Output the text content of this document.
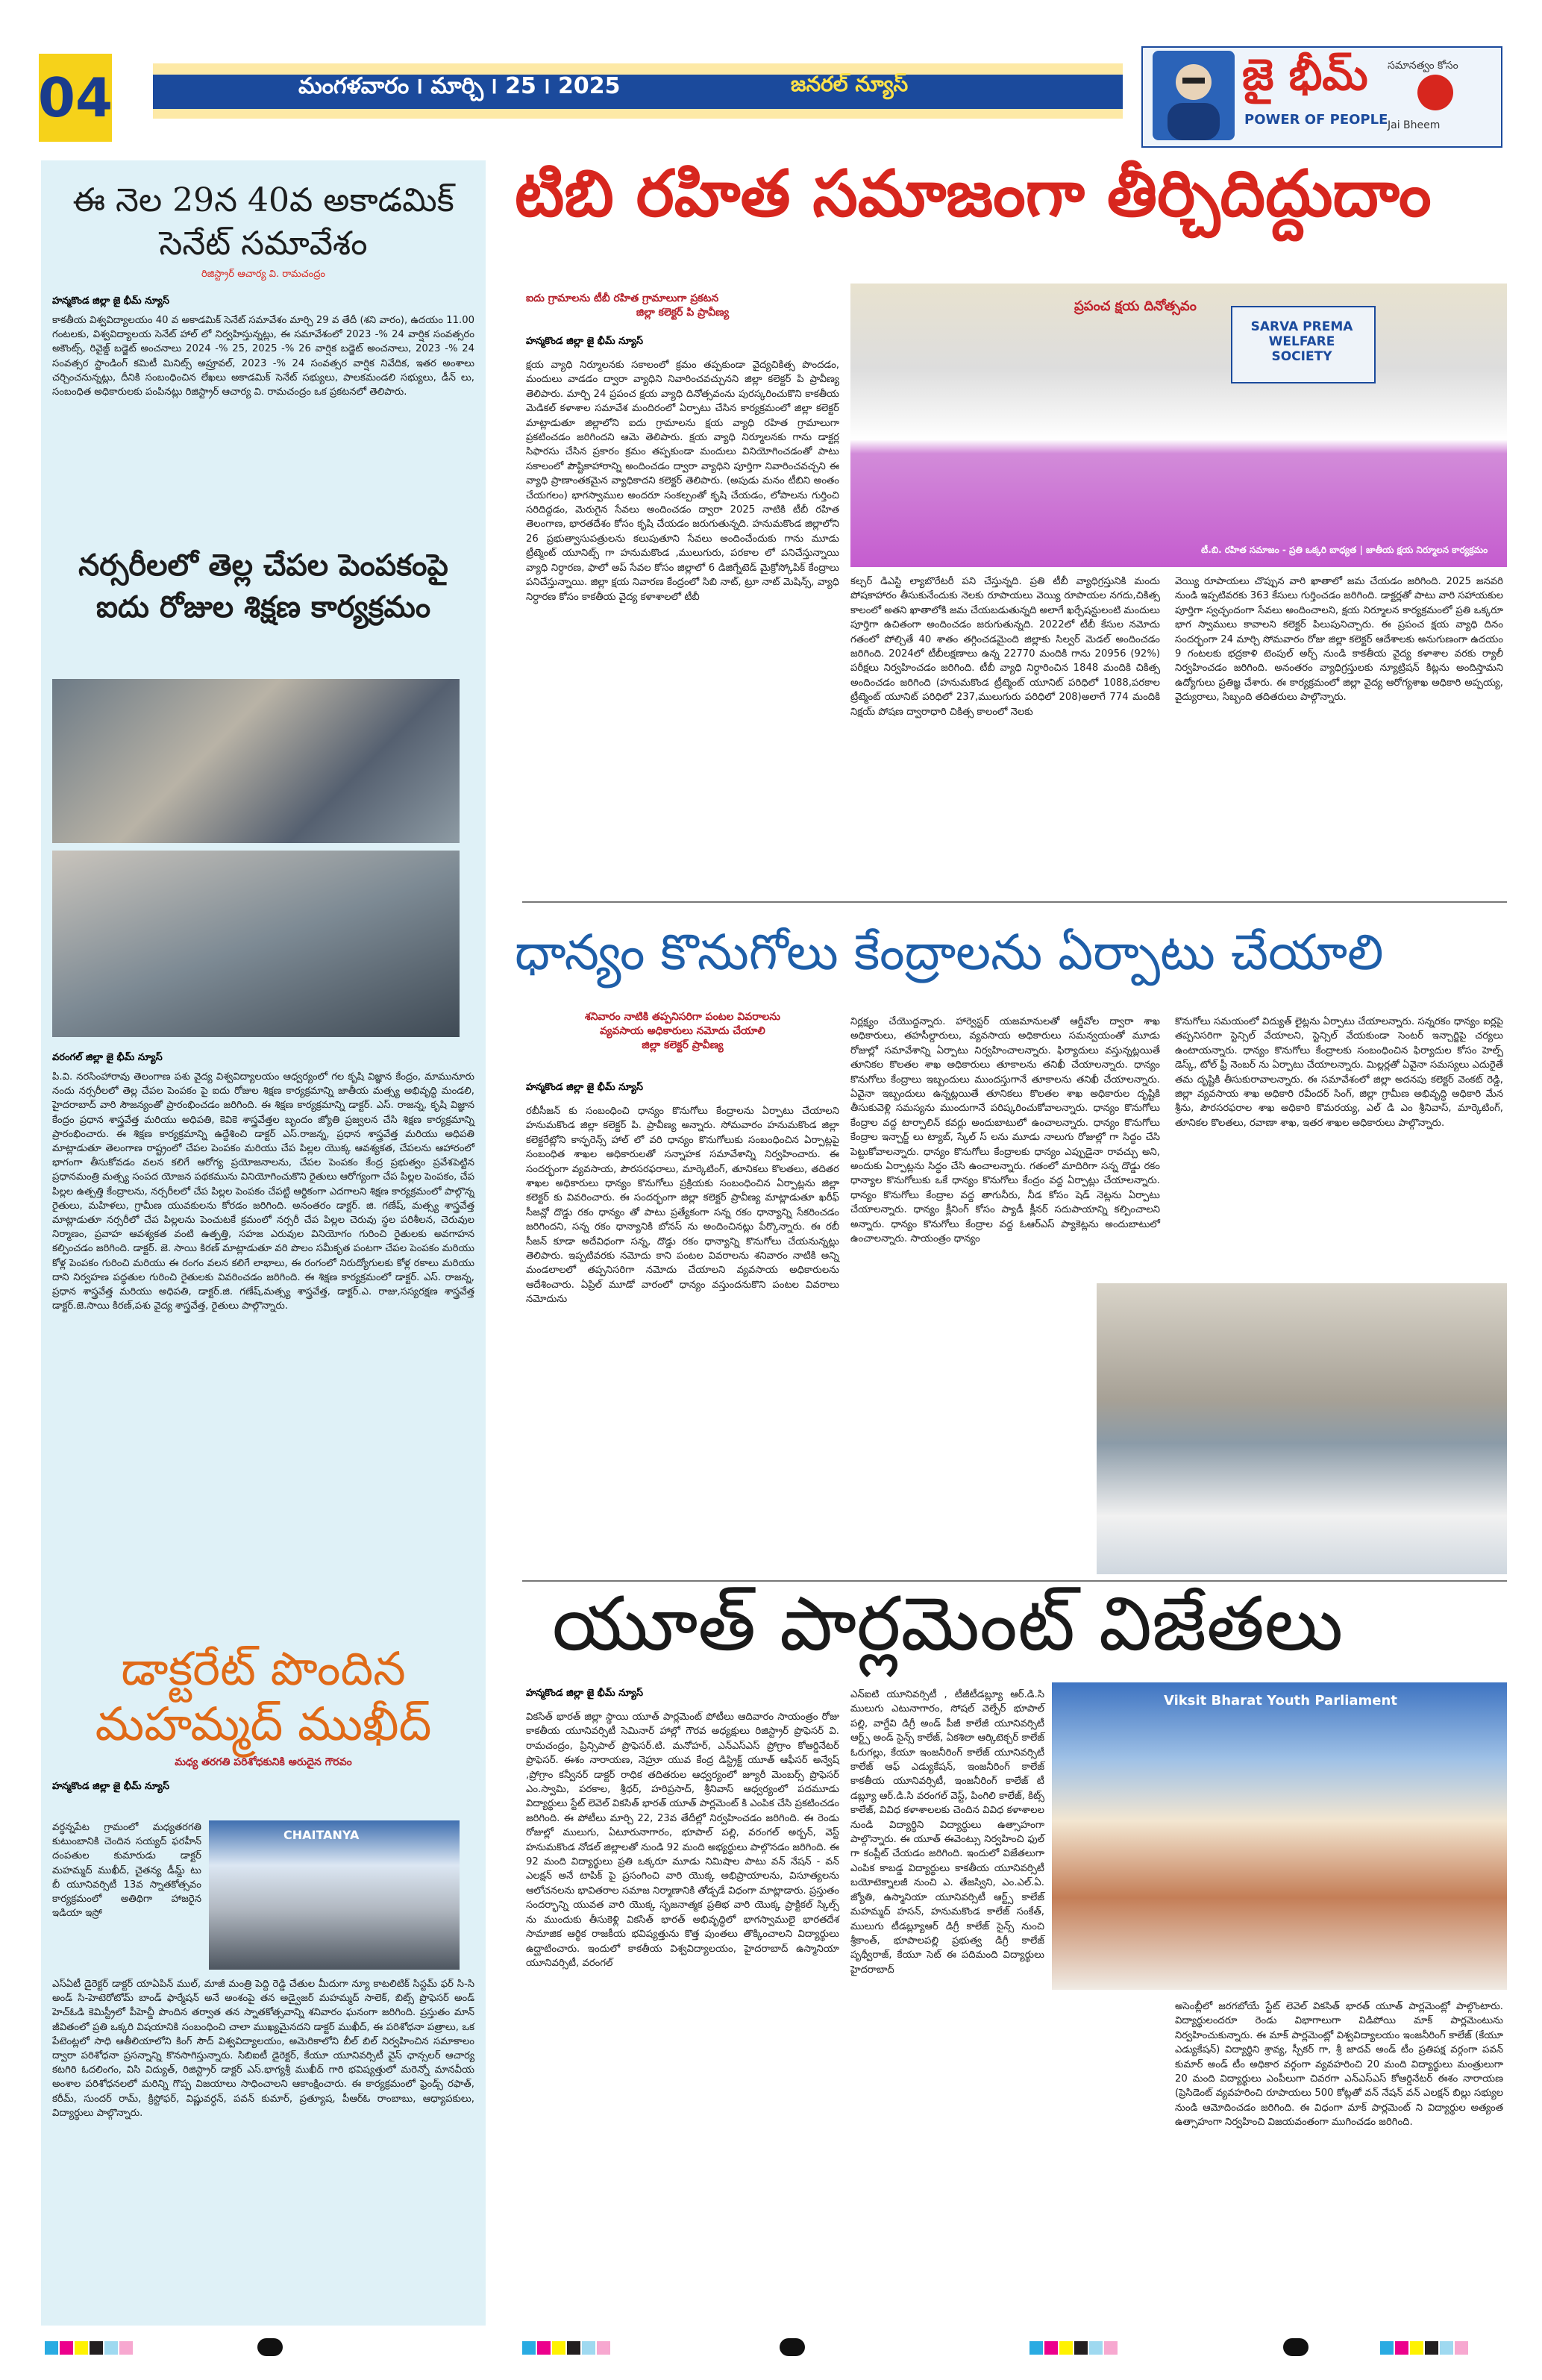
04	మంగళవారం ౹ మార్చి ౹ 25 ౹ 2025	జనరల్ న్యూస్	జై భీమ్
POWER OF PEOPLE
సమానత్వం కోసం
Jai Bheem
ఈ నెల 29న 40వ అకాడమిక్ సెనేట్ సమావేశం
రిజిస్ట్రార్ ఆచార్య వి. రామచంద్రం
హన్మకొండ జిల్లా జై భీమ్ న్యూస్
కాకతీయ విశ్వవిద్యాలయం 40 వ అకాడమిక్ సెనేట్ సమావేశం మార్చి 29 వ తేదీ (శని వారం), ఉదయం 11.00 గంటలకు, విశ్వవిద్యాలయ సెనేట్ హాల్ లో నిర్వహిస్తున్నట్లు, ఈ సమావేశంలో 2023 -% 24 వార్షిక సంవత్సరం అకౌంట్స్, రివైజ్డ్ బడ్జెట్ అంచనాలు 2024 -% 25, 2025 -% 26 వార్షిక బడ్జెట్ అంచనాలు, 2023 -% 24 సంవత్సర స్టాండింగ్ కమిటీ మినిట్స్ అప్రూవల్, 2023 -% 24 సంవత్సర వార్షిక నివేదిక, ఇతర అంశాలు చర్చించనున్నట్లు, దీనికి సంబంధించిన లేఖలు అకాడమిక్ సెనేట్ సభ్యులు, పాలకమండలి సభ్యులు, డీన్ లు, సంబంధిత అధికారులకు పంపినట్లు రిజిస్ట్రార్ ఆచార్య వి. రామచంద్రం ఒక ప్రకటనలో తెలిపారు.
నర్సరీలలో తెల్ల చేపల పెంపకంపై ఐదు రోజుల శిక్షణ కార్యక్రమం
వరంగల్ జిల్లా జై భీమ్ న్యూస్
పి.వి. నరసింహారావు తెలంగాణ పశు వైద్య విశ్వవిద్యాలయం ఆధ్వర్యంలో గల కృషి విజ్ఞాన కేంద్రం, మామునూరు నందు నర్సరీలలో తెల్ల చేపల పెంపకం పై ఐదు రోజుల శిక్షణ కార్యక్రమాన్ని జాతీయ మత్స్య అభివృద్ధి మండలి, హైదరాబాద్ వారి సౌజన్యంతో ప్రారంభించడం జరిగింది. ఈ శిక్షణ కార్యక్రమాన్ని డాక్టర్. ఎస్. రాజన్న, కృషి విజ్ఞాన కేంద్రం ప్రధాన శాస్త్రవేత్త మరియు అధిపతి, కెవికె శాస్త్రవేత్తల బృందం జ్యోతి ప్రజ్వలన చేసి శిక్షణ కార్యక్రమాన్ని ప్రారంభించారు. ఈ శిక్షణ కార్యక్రమాన్ని ఉద్దేశించి డాక్టర్ ఎస్.రాజన్న, ప్రధాన శాస్త్రవేత్త మరియు అధిపతి మాట్లాడుతూ తెలంగాణ రాష్ట్రంలో చేపల పెంపకం మరియు చేప పిల్లల యొక్క ఆవశ్యకత, చేపలను ఆహారంలో భాగంగా తీసుకోవడం వలన కలిగే ఆరోగ్య ప్రయోజనాలను, చేపల పెంపకం కేంద్ర ప్రభుత్వం ప్రవేశపెట్టిన ప్రధానమంత్రి మత్స్య సంపద యోజన పథకమును వినియోగించుకొని రైతులు ఆరోగ్యంగా చేప పిల్లల పెంపకం, చేప పిల్లల ఉత్పత్తి కేంద్రాలను, నర్సరీలలో చేప పిల్లల పెంపకం చేపట్టి ఆర్థికంగా ఎదగాలని శిక్షణ కార్యక్రమంలో పాల్గొన్న రైతులు, మహిళలు, గ్రామీణ యువకులను కోరడం జరిగింది. అనంతరం డాక్టర్. జి. గణేష్, మత్స్య శాస్త్రవేత్త మాట్లాడుతూ నర్సరీలో చేప పిల్లలను పెంచుటకే క్రమంలో నర్సరీ చేప పిల్లల చెరువు స్థల పరిశీలన, చెరువుల నిర్మాణం, ప్రవాహ ఆవశ్యకత వంటి ఉత్పత్తి, సహజ ఎరువుల వినియోగం గురించి రైతులకు అవగాహన కల్పించడం జరిగింది. డాక్టర్. జె. సాయి కిరణ్ మాట్లాడుతూ వరి పొలం సమీకృత పంటగా చేపల పెంపకం మరియు కోళ్ల పెంపకం గురించి మరియు ఈ రంగం వలన కలిగే లాభాలు, ఈ రంగంలో నిరుద్యోగులకు కోళ్ల రకాలు మరియు దాని నిర్వహణ పద్ధతుల గురించి రైతులకు వివరించడం జరిగింది. ఈ శిక్షణ కార్యక్రమంలో డాక్టర్. ఎస్. రాజన్న, ప్రధాన శాస్త్రవేత్త మరియు అధిపతి, డాక్టర్.జి. గణేష్,మత్స్య శాస్త్రవేత్త, డాక్టర్.ఎ. రాజు,సస్యరక్షణ శాస్త్రవేత్త డాక్టర్.జె.సాయి కిరణ్,పశు వైద్య శాస్త్రవేత్త, రైతులు పాల్గొన్నారు.
డాక్టరేట్ పొందిన మహమ్మద్ ముఖీద్
మధ్య తరగతి పరిశోధకునికి అరుదైన గౌరవం
హన్మకొండ జిల్లా జై భీమ్ న్యూస్
వర్ధన్నపేట గ్రామంలో మధ్యతరగతి కుటుంబానికి చెందిన సయ్యద్ ఫరహీన్ దంపతుల కుమారుడు డాక్టర్ మహమ్మద్ ముఖీద్, చైతన్య డీమ్డ్ టు బీ యూనివర్సిటీ 13వ స్నాతకోత్సవం కార్యక్రమంలో అతిథిగా హాజరైన ఇడియా ఇస్రో
CHAITANYA
ఎస్ఏటీ డైరెక్టర్ డాక్టర్ యాఏపిన్ ముల్, మాజీ మంత్రి పెద్ది రెడ్డి చేతుల మీదుగా న్యూ కాటలిటిక్ సిస్టమ్ ఫర్ సి-సి అండ్ సి-హెటెరోటోమ్ బాండ్ ఫార్మేషన్ అనే అంశంపై తన అడ్వైజర్ మహమ్మద్ సాలెక్, బిట్స్ ప్రొఫెసర్ అండ్ హెచ్ఓడి కెమిస్ట్రీలో పీహెచ్డీ పొందిన తర్వాత తన స్నాతకోత్సవాన్ని శనివారం ఘనంగా జరిగింది. ప్రస్తుతం మాన్ జీవితంలో ప్రతి ఒక్కరి విషయానికి సంబంధించి చాలా ముఖ్యమైనదని డాక్టర్ ముఖీద్, ఈ పరిశోధనా పత్రాలు, ఒక పేటెంట్లలో సాధి ఆతీలియాలోని కింగ్ సౌద్ విశ్వవిద్యాలయం, అమెరికాలోని బీల్ బిల్ నిర్వహించిన సమాకాలం ద్వారా పరిశోధనా ప్రసన్నాన్ని కొనసాగిస్తున్నారు. సిబిఐటీ డైరెక్టర్, కేయూ యూనివర్సిటీ వైస్ ఛాన్సలర్ ఆచార్య కటగిరి ఓదలింగం, విసి విద్యుత్, రిజిస్ట్రార్ డాక్టర్ ఎస్.భాగ్యశ్రీ ముఖీద్ గారి భవిష్యత్తులో మరెన్నో మానవీయ అంశాల పరిశోధనలలో మరిన్ని గొప్ప విజయాలు సాధించాలని ఆకాంక్షించారు. ఈ కార్యక్రమంలో ఫ్రెండ్స్ రఫాత్, కరీమ్, సుందర్ రామ్, క్రిస్టోఫర్, విష్ణువర్ధన్, పవన్ కుమార్, ప్రత్యూష, పీఆర్ఓ రాంబాబు, ఆధ్యాపకులు, విద్యార్థులు పాల్గొన్నారు.
టిబి రహిత సమాజంగా తీర్చిదిద్దుదాం
ఐదు గ్రామాలను టీబీ రహిత గ్రామాలుగా ప్రకటన
జిల్లా కలెక్టర్ పి ప్రావీణ్య
హన్మకొండ జిల్లా జై భీమ్ న్యూస్
క్షయ వ్యాధి నిర్మూలనకు సకాలంలో క్రమం తప్పకుండా వైద్యచికిత్స పొందడం, మందులు వాడడం ద్వారా వ్యాధిని నివారించవచ్చునని జిల్లా కలెక్టర్ పి ప్రావీణ్య తెలిపారు. మార్చి 24 ప్రపంచ క్షయ వ్యాధి దినోత్సవంను పురస్కరించుకొని కాకతీయ మెడికల్ కళాశాల సమావేశ మందిరంలో ఏర్పాటు చేసిన కార్యక్రమంలో జిల్లా కలెక్టర్ మాట్లాడుతూ జిల్లాలోని ఐదు గ్రామాలను క్షయ వ్యాధి రహిత గ్రామాలుగా ప్రకటించడం జరిగిందని ఆమె తెలిపారు. క్షయ వ్యాధి నిర్మూలనకు గాను డాక్టర్ల సిఫారసు చేసిన ప్రకారం క్రమం తప్పకుండా మందులు వినియోగించడంతో పాటు సకాలంలో పౌష్టికాహారాన్ని అందించడం ద్వారా వ్యాధిని పూర్తిగా నివారించవచ్చని ఈ వ్యాధి ప్రాణాంతకమైన వ్యాధికాదని కలెక్టర్ తెలిపారు. (అపుడు మనం టీబిని అంతం చేయగలం) భాగస్వాముల అందరూ సంకల్పంతో కృషి చేయడం, లోపాలను గుర్తించి సరిదిద్దడం, మెరుగైన సేవలు అందించడం ద్వారా 2025 నాటికి టీబీ రహిత తెలంగాణ, భారతదేశం కోసం కృషి చేయడం జరుగుతున్నది. హనుమకొండ జిల్లాలోని 26 ప్రభుత్వాసుపత్రులను కలుపుతూని సేవలు అందించేందుకు గాను మూడు ట్రీట్మెంట్ యూనిట్స్ గా హనుమకొండ ,ములుగురు, పరకాల లో పనిచేస్తున్నాయి వ్యాధి నిర్ధారణ, ఫాలో అప్ సేవల కోసం జిల్లాలో 6 డిజిగ్నేటెడ్ మైక్రోస్కోపిక్ కేంద్రాలు పనిచేస్తున్నాయి. జిల్లా క్షయ నివారణ కేంద్రంలో సిబి నాట్, ట్రూ నాట్ మెషిన్స్, వ్యాధి నిర్ధారణ కోసం కాకతీయ వైద్య కళాశాలలో టీబీ
SARVA PREMA WELFARE SOCIETY
ప్రపంచ క్షయ దినోత్సవం
టీ.బి. రహిత సమాజం - ప్రతి ఒక్కరి బాధ్యత | జాతీయ క్షయ నిర్మూలన కార్యక్రమం
కల్చర్ డిఎస్టి ల్యాబొరేటరీ పని చేస్తున్నది. ప్రతి టీబీ వ్యాధిగ్రస్తునికి మందు పోషకాహారం తీసుకునేందుకు నెలకు రూపాయలు వెయ్యి రూపాయల నగదు,చికిత్స కాలంలో అతని ఖాతాలోకి జమ చేయబడుతున్నది అలాగే ఖర్చేషన్టులంటి మందులు పూర్తిగా ఉచితంగా అందించడం జరుగుతున్నది. 2022లో టీబీ కేసుల నమోదు గతంలో పోల్చితే 40 శాతం తగ్గించడమైంది జిల్లాకు సిల్వర్ మెడల్ అందించడం జరిగింది. 2024లో టీబీలక్షణాలు ఉన్న 22770 మందికి గాను 20956 (92%) పరీక్షలు నిర్వహించడం జరిగింది. టీబీ వ్యాధి నిర్ధారించిన 1848 మందికి చికిత్స అందించడం జరిగింది (హనుమకొండ ట్రీట్మెంట్ యూనిట్ పరిధిలో 1088,పరకాల ట్రీట్మెంట్ యూనిట్ పరిధిలో 237,ములుగురు పరిధిలో 208)అలాగే 774 మందికి నిక్షయ్ పోషణ ద్వారాధారి చికిత్స కాలంలో నెలకు
వెయ్యి రూపాయలు చొప్పున వారి ఖాతాలో జమ చేయడం జరిగింది. 2025 జనవరి నుండి ఇప్పటివరకు 363 కేసులు గుర్తించడం జరిగింది. డాక్టర్లతో పాటు వారి సహాయకుల పూర్తిగా స్వచ్ఛందంగా సేవలు అందించాలని, క్షయ నిర్మూలన కార్యక్రమంలో ప్రతి ఒక్కరూ భాగ స్వాములు కావాలని కలెక్టర్ పిలుపునిచ్చారు. ఈ ప్రపంచ క్షయ వ్యాధి దినం సందర్భంగా 24 మార్చి సోమవారం రోజు జిల్లా కలెక్టర్ ఆదేశాలకు అనుగుణంగా ఉదయం 9 గంటలకు భద్రకాళి టెంపుల్ అర్చ్ నుండి కాకతీయ వైద్య కళాశాల వరకు ర్యాలీ నిర్వహించడం జరిగింది. అనంతరం వ్యాధిగ్రస్తులకు న్యూట్రిషన్ కిట్లను అందిస్తామని ఉద్యోగులు ప్రతిజ్ఞ చేశారు. ఈ కార్యక్రమంలో జిల్లా వైద్య ఆరోగ్యశాఖ అధికారి అప్పయ్య, వైద్యురాలు, సిబ్బంది తదితరులు పాల్గొన్నారు.
ధాన్యం కొనుగోలు కేంద్రాలను ఏర్పాటు చేయాలి
శనివారం నాటికి తప్పనిసరిగా పంటల వివరాలను
వ్యవసాయ అధికారులు నమోదు చేయాలి
జిల్లా కలెక్టర్ ప్రావీణ్య
హన్మకొండ జిల్లా జై భీమ్ న్యూస్
రబీసీజన్ కు సంబంధించి ధాన్యం కొనుగోలు కేంద్రాలను ఏర్పాటు చేయాలని హనుమకొండ జిల్లా కలెక్టర్ పి. ప్రావీణ్య అన్నారు. సోమవారం హనుమకొండ జిల్లా కలెక్టరేట్లోని కాన్ఫరెన్స్ హాల్ లో వరి ధాన్యం కొనుగోలుకు సంబంధించిన ఏర్పాట్లపై సంబంధిత శాఖల అధికారులతో సన్నాహక సమావేశాన్ని నిర్వహించారు. ఈ సందర్భంగా వ్యవసాయ, పౌరసరఫరాలు, మార్కెటింగ్, తూనికలు కొలతలు, తదితర శాఖల అధికారులు ధాన్యం కొనుగోలు ప్రక్రియకు సంబంధించిన ఏర్పాట్లను జిల్లా కలెక్టర్ కు వివరించారు. ఈ సందర్భంగా జిల్లా కలెక్టర్ ప్రావీణ్య మాట్లాడుతూ ఖరీఫ్ సీజన్లో దొడ్డు రకం ధాన్యం తో పాటు ప్రత్యేకంగా సన్న రకం ధాన్యాన్ని సేకరించడం జరిగిందని, సన్న రకం ధాన్యానికి బోనస్ ను అందించినట్లు పేర్కొన్నారు. ఈ రబీ సీజన్ కూడా అదేవిధంగా సన్న, దొడ్డు రకం ధాన్యాన్ని కొనుగోలు చేయనున్నట్లు తెలిపారు. ఇప్పటివరకు నమోదు కాని పంటల వివరాలను శనివారం నాటికి అన్ని మండలాలలో తప్పనిసరిగా నమోదు చేయాలని వ్యవసాయ అధికారులను ఆదేశించారు. ఏప్రిల్ మూడో వారంలో ధాన్యం వస్తుందనుకొని పంటల వివరాలు నమోదును
నిర్లక్ష్యం చేయొద్దన్నారు. హార్వెస్టర్ యజమానులతో ఆర్డీవోల ద్వారా శాఖ అధికారులు, తహసీల్దారులు, వ్యవసాయ అధికారులు సమన్వయంతో మూడు రోజుల్లో సమావేశాన్ని ఏర్పాటు నిర్వహించాలన్నారు. ఫిర్యాదులు వస్తున్నట్లయితే తూనికల కొలతల శాఖ అధికారులు తూకాలను తనిఖీ చేయాలన్నారు. ధాన్యం కొనుగోలు కేంద్రాలు ఇబ్బందులు ముందస్తుగానే తూకాలను తనిఖీ చేయాలన్నారు. ఏవైనా ఇబ్బందులు ఉన్నట్లయితే తూనికలు కొలతల శాఖ అధికారుల దృష్టికి తీసుకువెళ్లి సమస్యను ముందుగానే పరిష్కరించుకోవాలన్నారు. ధాన్యం కొనుగోలు కేంద్రాల వద్ద టార్పాలిన్ కవర్లు అందుబాటులో ఉంచాలన్నారు. ధాన్యం కొనుగోలు కేంద్రాల ఇన్చార్జ్ లు ట్యాబ్, స్కేల్ స్ లను మూడు నాలుగు రోజుల్లో గా సిద్ధం చేసి పెట్టుకోవాలన్నారు. ధాన్యం కొనుగోలు కేంద్రాలకు ధాన్యం ఎప్పుడైనా రావచ్చు అని, అందుకు ఏర్పాట్లను సిద్ధం చేసి ఉంచాలన్నారు. గతంలో మాదిరిగా సన్న దొడ్డు రకం ధాన్యాల కొనుగోలుకు ఒకే ధాన్యం కొనుగోలు కేంద్రం వద్ద ఏర్పాట్లు చేయాలన్నారు. ధాన్యం కొనుగోలు కేంద్రాల వద్ద తాగునీరు, నీడ కోసం షెడ్ నెట్లను ఏర్పాటు చేయాలన్నారు. ధాన్యం క్లీనింగ్ కోసం ప్యాడీ క్లీనర్ సదుపాయాన్ని కల్పించాలని అన్నారు. ధాన్యం కొనుగోలు కేంద్రాల వద్ద ఓఆర్ఎస్ ప్యాకెట్లను అందుబాటులో ఉంచాలన్నారు. సాయంత్రం ధాన్యం
కొనుగోలు సమయంలో విద్యుత్ లైట్లను ఏర్పాటు చేయాలన్నారు. సన్నరకం ధాన్యం ఐర్లపై తప్పనిసరిగా స్టెన్సిల్ వేయాలని, స్టెన్సిల్ వేయకుండా సెంటర్ ఇన్చార్జిపై చర్యలు ఉంటాయన్నారు. ధాన్యం కొనుగోలు కేంద్రాలకు సంబంధించిన ఫిర్యాదుల కోసం హెల్ప్ డెస్క్, టోల్ ఫ్రీ నెంబర్ ను ఏర్పాటు చేయాలన్నారు. మిల్లర్లతో ఏవైనా సమస్యలు ఎదురైతే తమ దృష్టికి తీసుకురావాలన్నారు. ఈ సమావేశంలో జిల్లా అదనపు కలెక్టర్ వెంకట్ రెడ్డి, జిల్లా వ్యవసాయ శాఖ అధికారి రవీందర్ సింగ్, జిల్లా గ్రామీణ అభివృద్ధి అధికారి మేన శ్రీను, పౌరసరఫరాల శాఖ అధికారి కొమరయ్య, ఎల్ డి ఎం శ్రీనివాస్, మార్కెటింగ్, తూనికల కొలతలు, రవాణా శాఖ, ఇతర శాఖల అధికారులు పాల్గొన్నారు.
యూత్ పార్లమెంట్ విజేతలు
హన్మకొండ జిల్లా జై భీమ్ న్యూస్
వికసిత్ భారత్ జిల్లా స్థాయి యూత్ పార్లమెంట్ పోటీలు ఆదివారం సాయంత్రం రోజు కాకతీయ యూనివర్సిటీ సెమినార్ హాల్లో గౌరవ అధ్యక్షులు రిజిస్ట్రార్ ప్రొఫెసర్ వి. రామచంద్రం, ప్రిన్సిపాల్ ప్రొఫెసర్.టి. మనోహర్, ఎన్ఎస్ఎస్ ప్రోగ్రాం కోఆర్డినేటర్ ప్రొఫెసర్. ఈశం నారాయణ, నెహ్రూ యువ కేంద్ర డిస్ట్రిక్ట్ యూత్ ఆఫీసర్ అన్వేష్ ,ప్రోగ్రాం కన్వీనర్ డాక్టర్ రాధిక తదితరుల ఆధ్వర్యంలో జ్యూరీ మెంబర్స్ ప్రొఫెసర్ ఎం.స్వామి, పరకాల, శ్రీధర్, హరిప్రసాద్, శ్రీనివాస్ ఆధ్వర్యంలో పదమూడు విద్యార్థులు స్టేట్ లెవెల్ వికసిత్ భారత్ యూత్ పార్లమెంట్ కి ఎంపిక చేసి ప్రకటించడం జరిగింది. ఈ పోటీలు మార్చి 22, 23వ తేదీల్లో నిర్వహించడం జరిగింది. ఈ రెండు రోజుల్లో ములుగు, ఏటూరునాగారం, భూపాల్ పల్లి, వరంగల్ అర్బన్, వెస్ట్ హనుమకొండ నోడల్ జిల్లాలతో నుండి 92 మంది అభ్యర్థులు పాల్గొనడం జరిగింది. ఈ 92 మంది విద్యార్థులు ప్రతి ఒక్కరూ మూడు నిమిషాల పాటు వన్ నేషన్ - వన్ ఎలక్షన్ అనే టాపిక్ పై ప్రసంగించి వారి యొక్క అభిప్రాయాలను, విసూత్యలను ఆలోచనలను భావితరాల సమాజ నిర్మాణానికి తోడ్పడే విధంగా మాట్లాడారు. ప్రస్తుతం సందర్భాన్ని యువత వారి యొక్క సృజనాత్మక ప్రతిభ వారి యొక్క ప్రాక్టికల్ స్కిల్స్ ను ముందుకు తీసుకెళ్లి వికసిత్ భారత్ అభివృద్ధిలో భాగస్వాములై భారతదేశ సామాజిక ఆర్థిక రాజకీయ భవిష్యత్తును కొత్త పుంతలు తొక్కించాలని విద్యార్థులు ఉద్ఘాటించారు. ఇందులో కాకతీయ విశ్వవిద్యాలయం, హైదరాబాద్ ఉస్మానియా యూనివర్సిటీ, వరంగల్
ఎన్ఐటి యూనివర్సిటీ , టీజీటీడబ్ల్యూ ఆర్.డి.సి ములుగు ఎటునాగారం, సోషల్ వెల్ఫేర్ భూపాల్ పల్లి, వాగ్దేవి డిగ్రీ అండ్ పీజీ కాలేజీ యూనివర్సిటీ ఆర్ట్స్ అండ్ సైన్స్ కాలేజ్, ఏకశిలా ఆర్కిటెక్చర్ కాలేజ్ ఓరుగల్లు, కేయూ ఇంజనీరింగ్ కాలేజ్ యూనివర్సిటీ కాలేజ్ ఆఫ్ ఎడ్యుకేషన్, ఇంజనీరింగ్ కాలేజ్ కాకతీయ యూనివర్సిటీ, ఇంజనీరింగ్ కాలేజ్ టీ డబ్ల్యూ ఆర్.డి.సి వరంగల్ వెస్ట్, పింగిలి కాలేజ్, కిట్స్ కాలేజ్, వివిధ కళాశాలలకు చెందిన వివిధ కళాశాలల నుండి విద్యార్థిని విద్యార్థులు ఉత్సాహంగా పాల్గొన్నారు. ఈ యూత్ ఈవెంట్సు నిర్వహించి ఫుల్ గా కంప్లీట్ చేయడం జరిగింది. ఇందులో విజేతలుగా ఎంపిక కాబడ్డ విద్యార్థులు కాకతీయ యూనివర్సిటీ బయోటెక్నాలజీ నుంచి ఎ. తేజస్విని, ఎం.ఎల్.ఏ. జ్యోతి, ఉస్మానియా యూనివర్సిటీ ఆర్ట్స్ కాలేజ్ మహమ్మద్ హసన్, హనుమకొండ కాలేజ్ సంకేత్, ములుగు టీడబ్ల్యూఆర్ డిగ్రీ కాలేజ్ సైన్స్ నుంచి శ్రీకాంత్, భూపాలపల్లి ప్రభుత్వ డిగ్రీ కాలేజ్ పృథ్వీరాజ్, కేయూ సెట్ ఈ పదిమంది విద్యార్థులు హైదరాబాద్
Viksit Bharat Youth Parliament
అసెంబ్లీలో జరగబోయే స్టేట్ లెవెల్ వికసిత్ భారత్ యూత్ పార్లమెంట్లో పాల్గొంటారు. విద్యార్థులందరూ రెండు విభాగాలుగా విడిపోయి మాక్ పార్లమెంటును నిర్వహించుకున్నారు. ఈ మాక్ పార్లమెంట్లో విశ్వవిద్యాలయం ఇంజనీరింగ్ కాలేజ్ (కేయూ ఎడ్యుకేషన్) విద్యార్థిని శ్రావ్య, స్పీకర్ గా, శ్రీ జాదవ్ అండ్ టీం ప్రతిపక్ష వర్గంగా పవన్ కుమార్ అండ్ టీం అధికార వర్గంగా వ్యవహరించి 20 మంది విద్యార్థులు మంత్రులుగా 20 మంది విద్యార్థులు ఎంపీలుగా చివరగా ఎన్ఎస్ఎస్ కోఆర్డినేటర్ ఈశం నారాయణ (ప్రెసిడెంట్ వ్యవహరించి రూపాయలు 500 కోట్లతో వన్ నేషన్ వన్ ఎలక్షన్ బిల్లు సభ్యుల నుండి ఆమోదించడం జరిగింది. ఈ విధంగా మాక్ పార్లమెంట్ ని విద్యార్థుల అత్యంత ఉత్సాహంగా నిర్వహించి విజయవంతంగా ముగించడం జరిగింది.
